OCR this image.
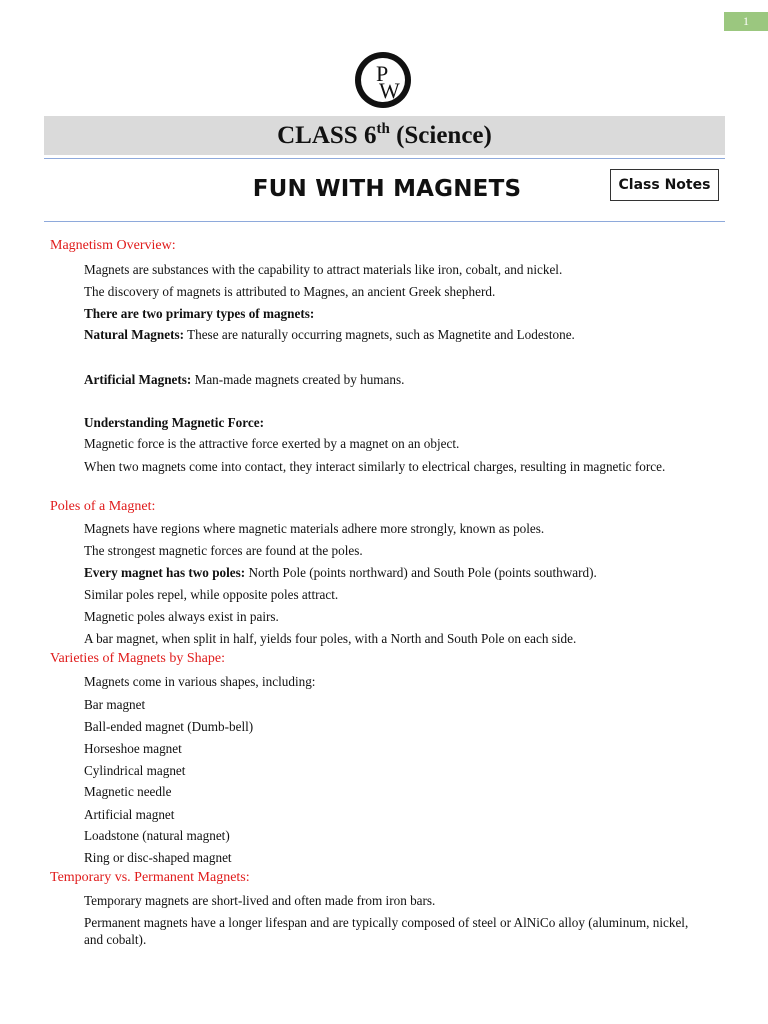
1
P
W
CLASS 6th (Science)
FUN WITH MAGNETS	Class Notes
Magnetism Overview:
Magnets are substances with the capability to attract materials like iron, cobalt, and nickel.
The discovery of magnets is attributed to Magnes, an ancient Greek shepherd.
There are two primary types of magnets:
Natural Magnets: These are naturally occurring magnets, such as Magnetite and Lodestone.
Artificial Magnets: Man-made magnets created by humans.
Understanding Magnetic Force:
Magnetic force is the attractive force exerted by a magnet on an object.
When two magnets come into contact, they interact similarly to electrical charges, resulting in magnetic force.
Poles of a Magnet:
Magnets have regions where magnetic materials adhere more strongly, known as poles.
The strongest magnetic forces are found at the poles.
Every magnet has two poles: North Pole (points northward) and South Pole (points southward).
Similar poles repel, while opposite poles attract.
Magnetic poles always exist in pairs.
A bar magnet, when split in half, yields four poles, with a North and South Pole on each side.
Varieties of Magnets by Shape:
Magnets come in various shapes, including:
Bar magnet
Ball-ended magnet (Dumb-bell)
Horseshoe magnet
Cylindrical magnet
Magnetic needle
Artificial magnet
Loadstone (natural magnet)
Ring or disc-shaped magnet
Temporary vs. Permanent Magnets:
Temporary magnets are short-lived and often made from iron bars.
Permanent magnets have a longer lifespan and are typically composed of steel or AlNiCo alloy (aluminum, nickel, and cobalt).
